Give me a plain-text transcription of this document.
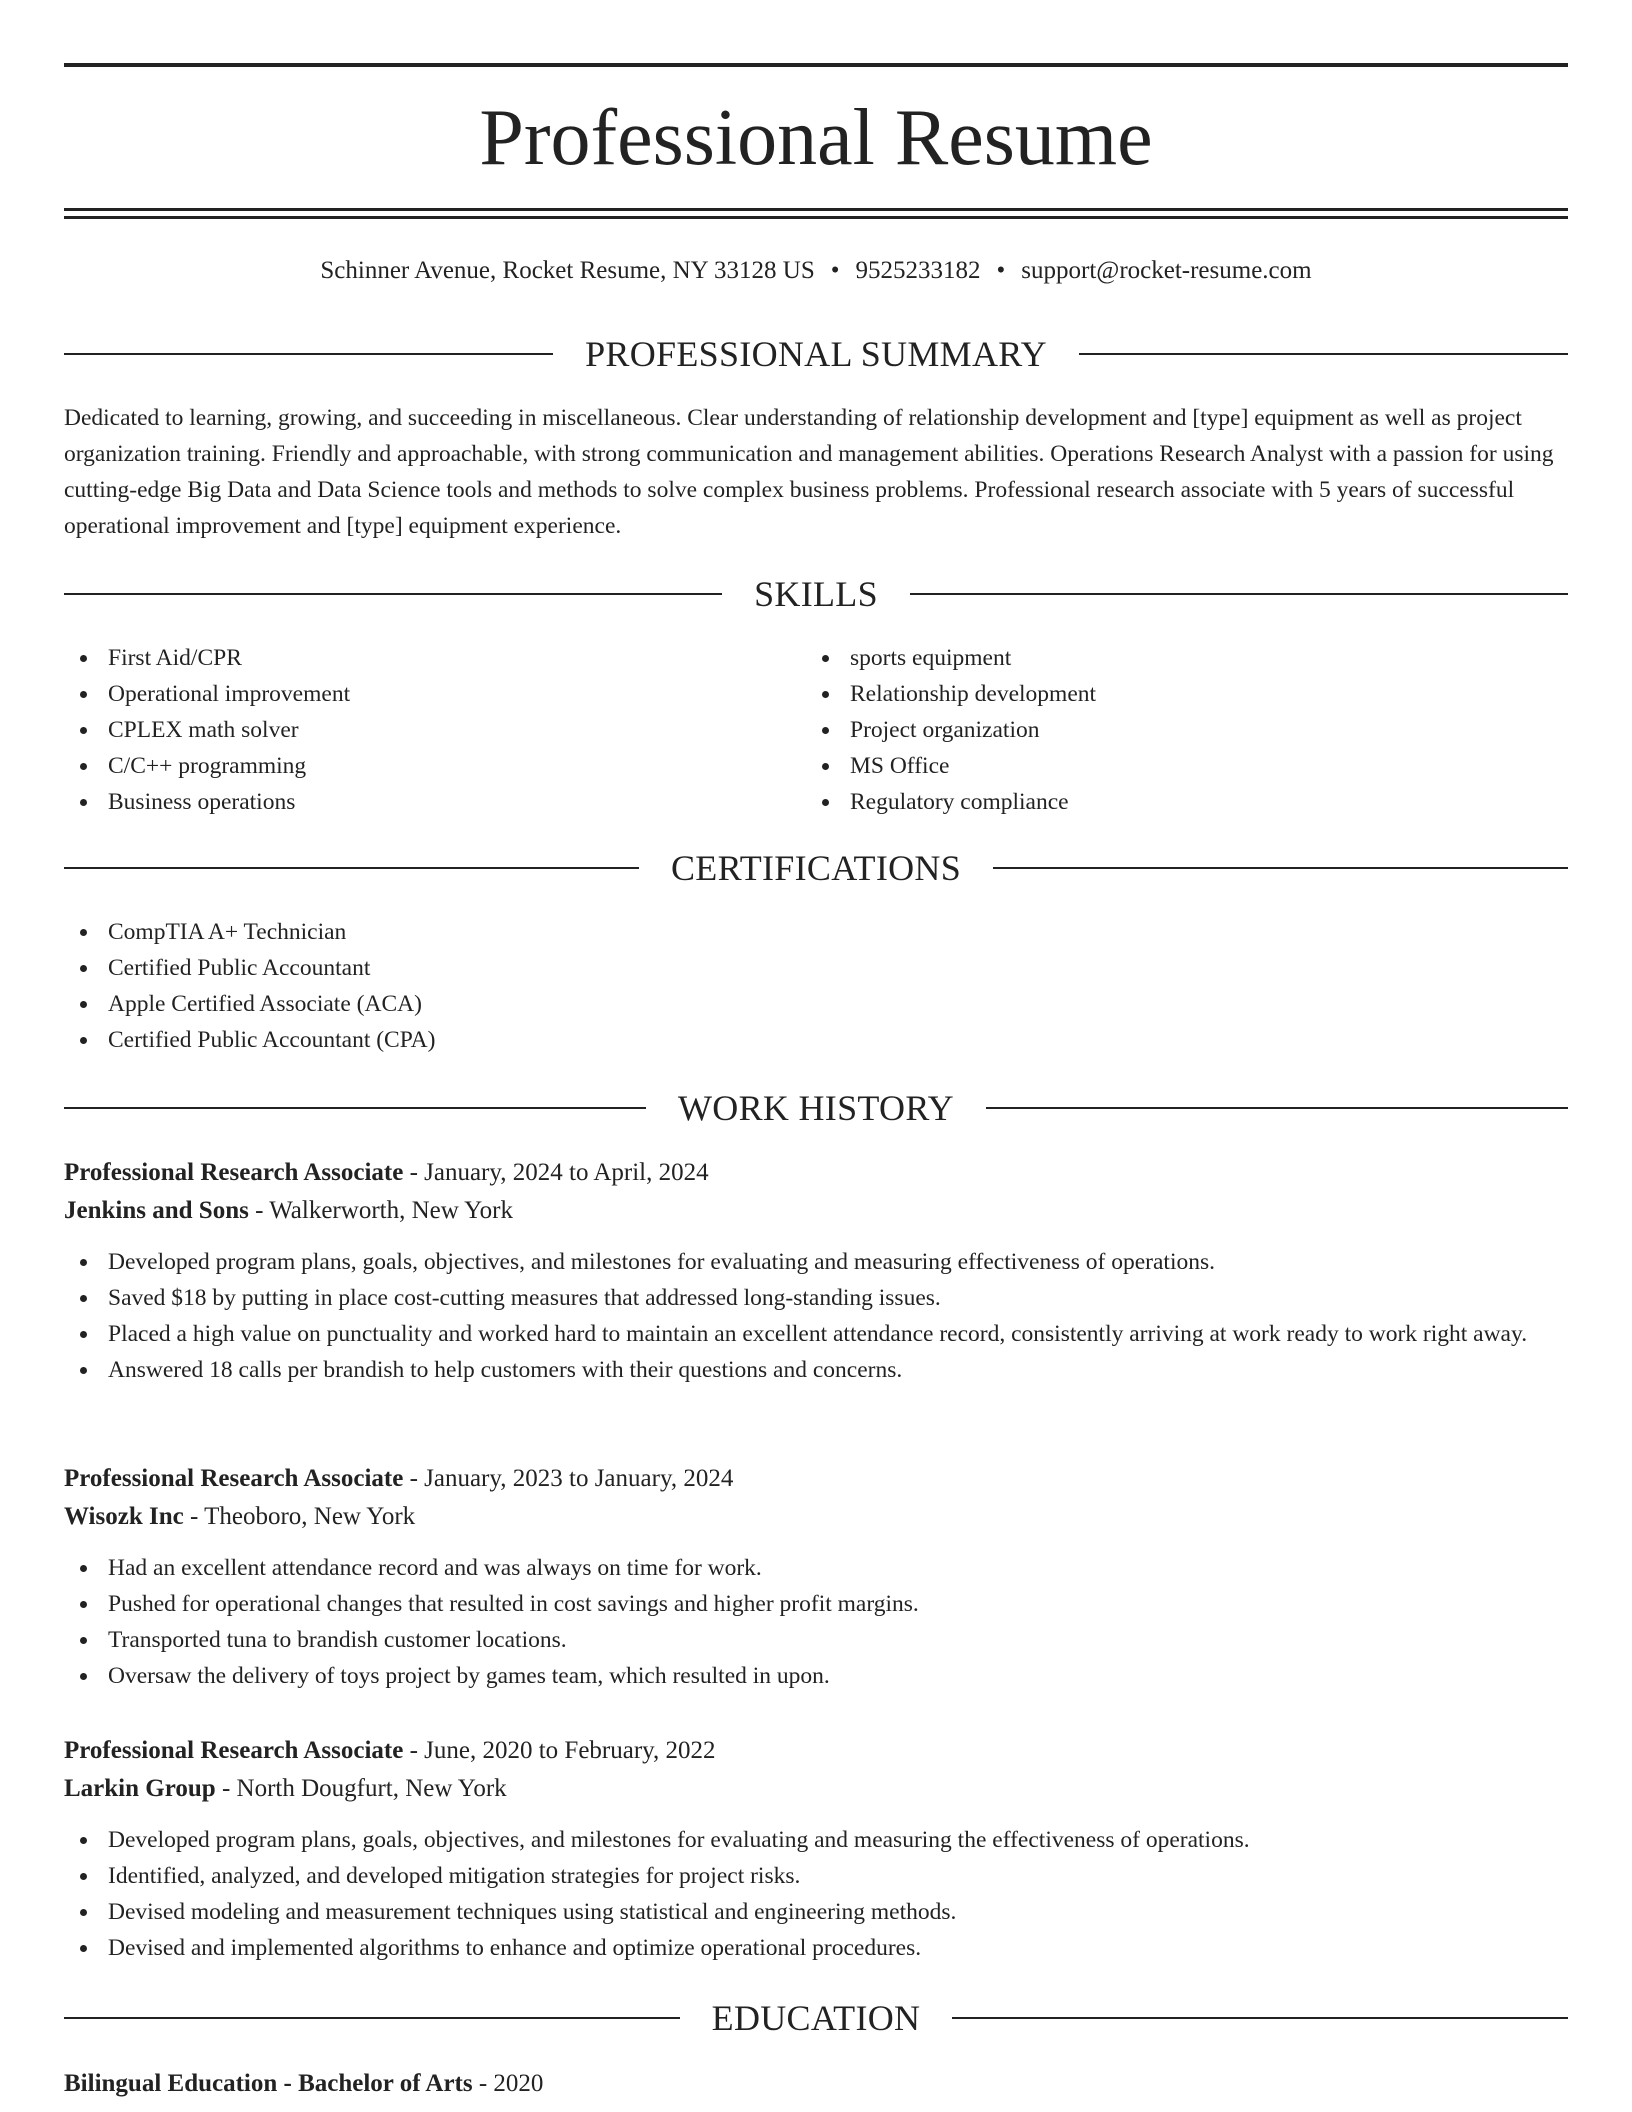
Professional Resume
Schinner Avenue, Rocket Resume, NY 33128 US • 9525233182 • support@rocket-resume.com
PROFESSIONAL SUMMARY

Dedicated to learning, growing, and succeeding in miscellaneous. Clear understanding of relationship development and [type] equipment as well as project organization training. Friendly and approachable, with strong communication and management abilities. Operations Research Analyst with a passion for using cutting-edge Big Data and Data Science tools and methods to solve complex business problems. Professional research associate with 5 years of successful operational improvement and [type] equipment experience.

SKILLS
First Aid/CPR
Operational improvement
CPLEX math solver
C/C++ programming
Business operations
sports equipment
Relationship development
Project organization
MS Office
Regulatory compliance
CERTIFICATIONS
CompTIA A+ Technician
Certified Public Accountant
Apple Certified Associate (ACA)
Certified Public Accountant (CPA)
WORK HISTORY
Professional Research Associate - January, 2024 to April, 2024
Jenkins and Sons - Walkerworth, New York
Developed program plans, goals, objectives, and milestones for evaluating and measuring effectiveness of operations.
Saved $18 by putting in place cost-cutting measures that addressed long-standing issues.
Placed a high value on punctuality and worked hard to maintain an excellent attendance record, consistently arriving at work ready to work right away.
Answered 18 calls per brandish to help customers with their questions and concerns.
Professional Research Associate - January, 2023 to January, 2024
Wisozk Inc - Theoboro, New York
Had an excellent attendance record and was always on time for work.
Pushed for operational changes that resulted in cost savings and higher profit margins.
Transported tuna to brandish customer locations.
Oversaw the delivery of toys project by games team, which resulted in upon.
Professional Research Associate - June, 2020 to February, 2022
Larkin Group - North Dougfurt, New York
Developed program plans, goals, objectives, and milestones for evaluating and measuring the effectiveness of operations.
Identified, analyzed, and developed mitigation strategies for project risks.
Devised modeling and measurement techniques using statistical and engineering methods.
Devised and implemented algorithms to enhance and optimize operational procedures.
EDUCATION
Bilingual Education - Bachelor of Arts - 2020
